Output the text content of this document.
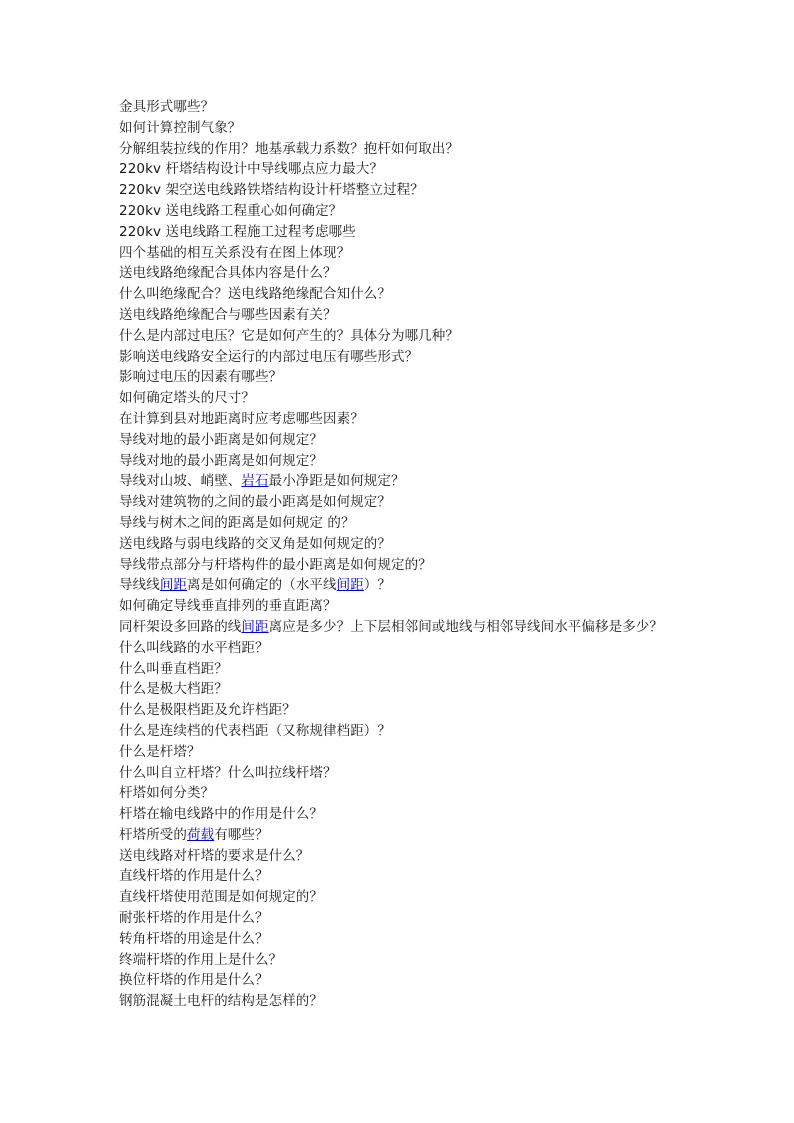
金具形式哪些？
如何计算控制气象？
分解组装拉线的作用？地基承载力系数？抱杆如何取出？
220kv 杆塔结构设计中导线哪点应力最大？
220kv 架空送电线路铁塔结构设计杆塔整立过程？
220kv 送电线路工程重心如何确定？
220kv 送电线路工程施工过程考虑哪些
四个基础的相互关系没有在图上体现？
送电线路绝缘配合具体内容是什么？
什么叫绝缘配合？送电线路绝缘配合知什么？
送电线路绝缘配合与哪些因素有关？
什么是内部过电压？它是如何产生的？具体分为哪几种？
影响送电线路安全运行的内部过电压有哪些形式？
影响过电压的因素有哪些？
如何确定塔头的尺寸？
在计算到县对地距离时应考虑哪些因素？
导线对地的最小距离是如何规定？
导线对地的最小距离是如何规定？
导线对山坡、峭壁、岩石最小净距是如何规定？
导线对建筑物的之间的最小距离是如何规定？
导线与树木之间的距离是如何规定 的？
送电线路与弱电线路的交叉角是如何规定的？
导线带点部分与杆塔构件的最小距离是如何规定的？
导线线间距离是如何确定的（水平线间距）？
如何确定导线垂直排列的垂直距离？
同杆架设多回路的线间距离应是多少？上下层相邻间或地线与相邻导线间水平偏移是多少？
什么叫线路的水平档距？
什么叫垂直档距？
什么是极大档距？
什么是极限档距及允许档距？
什么是连续档的代表档距（又称规律档距）？
什么是杆塔？
什么叫自立杆塔？什么叫拉线杆塔？
杆塔如何分类？
杆塔在输电线路中的作用是什么？
杆塔所受的荷载有哪些？
送电线路对杆塔的要求是什么？
直线杆塔的作用是什么？
直线杆塔使用范围是如何规定的？
耐张杆塔的作用是什么？
转角杆塔的用途是什么？
终端杆塔的作用上是什么？
换位杆塔的作用是什么？
钢筋混凝土电杆的结构是怎样的？
